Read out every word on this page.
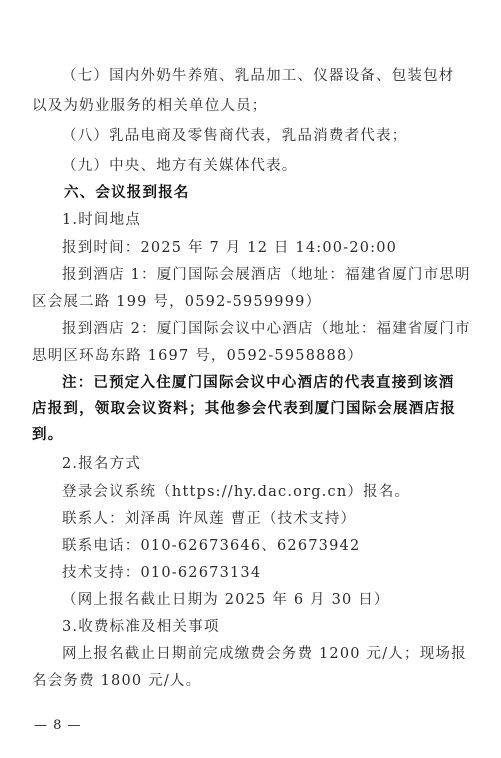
（七）国内外奶牛养殖、乳品加工、仪器设备、包装包材
以及为奶业服务的相关单位人员；
（八）乳品电商及零售商代表，乳品消费者代表；
（九）中央、地方有关媒体代表。
六、会议报到报名
1.时间地点
报到时间：2025 年 7 月 12 日 14:00-20:00
报到酒店 1：厦门国际会展酒店（地址：福建省厦门市思明
区会展二路 199 号，0592-5959999）
报到酒店 2：厦门国际会议中心酒店（地址：福建省厦门市
思明区环岛东路 1697 号，0592-5958888）
注：已预定入住厦门国际会议中心酒店的代表直接到该酒
店报到，领取会议资料；其他参会代表到厦门国际会展酒店报
到。
2.报名方式
登录会议系统（https://hy.dac.org.cn）报名。
联系人：刘泽禹 许凤莲 曹正（技术支持）
联系电话：010-62673646、62673942
技术支持：010-62673134
（网上报名截止日期为 2025 年 6 月 30 日）
3.收费标准及相关事项
网上报名截止日期前完成缴费会务费 1200 元/人；现场报
名会务费 1800 元/人。
— 8 —
